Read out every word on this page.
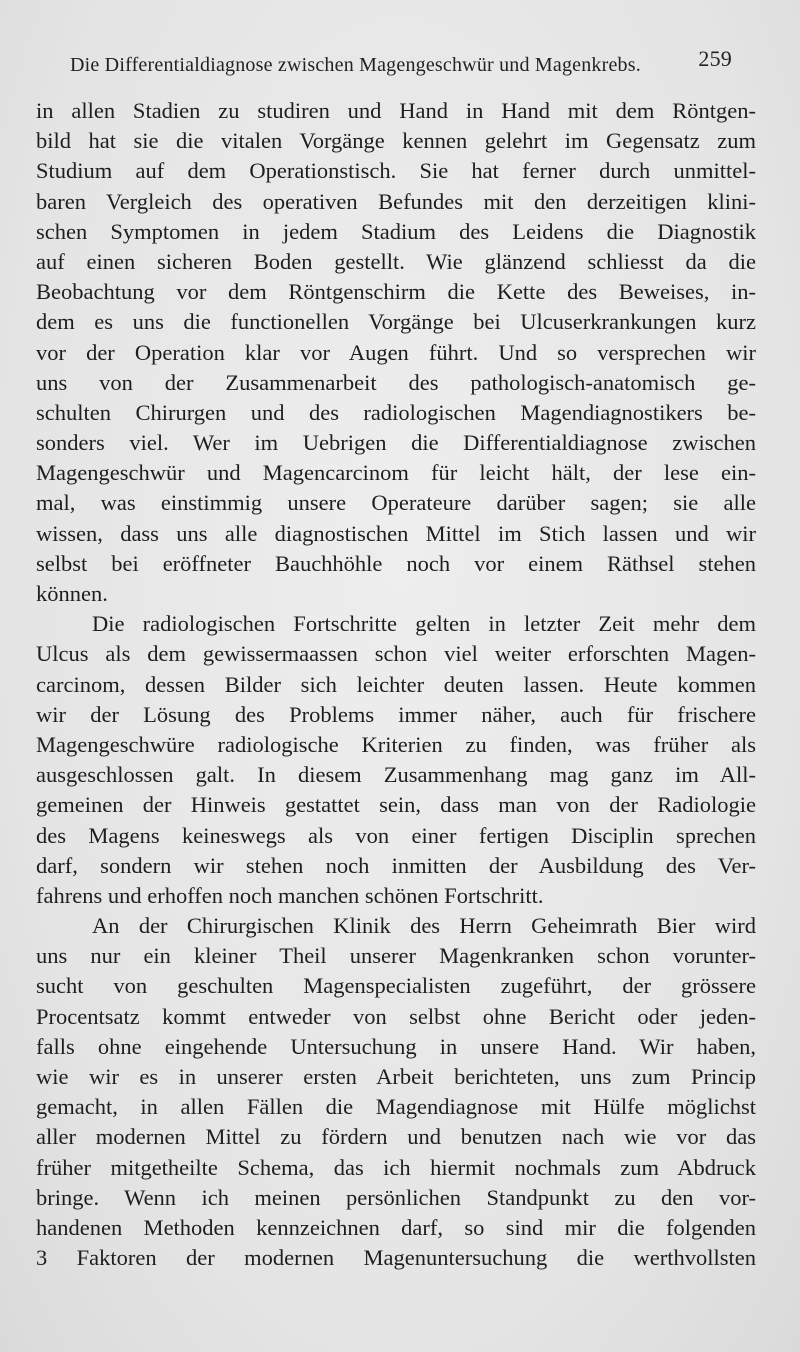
Die Differentialdiagnose zwischen Magengeschwür und Magenkrebs.	259
in allen Stadien zu studiren und Hand in Hand mit dem Röntgen-
bild hat sie die vitalen Vorgänge kennen gelehrt im Gegensatz zum
Studium auf dem Operationstisch. Sie hat ferner durch unmittel-
baren Vergleich des operativen Befundes mit den derzeitigen klini-
schen Symptomen in jedem Stadium des Leidens die Diagnostik
auf einen sicheren Boden gestellt. Wie glänzend schliesst da die
Beobachtung vor dem Röntgenschirm die Kette des Beweises, in-
dem es uns die functionellen Vorgänge bei Ulcuserkrankungen kurz
vor der Operation klar vor Augen führt. Und so versprechen wir
uns von der Zusammenarbeit des pathologisch-anatomisch ge-
schulten Chirurgen und des radiologischen Magendiagnostikers be-
sonders viel. Wer im Uebrigen die Differentialdiagnose zwischen
Magengeschwür und Magencarcinom für leicht hält, der lese ein-
mal, was einstimmig unsere Operateure darüber sagen; sie alle
wissen, dass uns alle diagnostischen Mittel im Stich lassen und wir
selbst bei eröffneter Bauchhöhle noch vor einem Räthsel stehen
können.
Die radiologischen Fortschritte gelten in letzter Zeit mehr dem
Ulcus als dem gewissermaassen schon viel weiter erforschten Magen-
carcinom, dessen Bilder sich leichter deuten lassen. Heute kommen
wir der Lösung des Problems immer näher, auch für frischere
Magengeschwüre radiologische Kriterien zu finden, was früher als
ausgeschlossen galt. In diesem Zusammenhang mag ganz im All-
gemeinen der Hinweis gestattet sein, dass man von der Radiologie
des Magens keineswegs als von einer fertigen Disciplin sprechen
darf, sondern wir stehen noch inmitten der Ausbildung des Ver-
fahrens und erhoffen noch manchen schönen Fortschritt.
An der Chirurgischen Klinik des Herrn Geheimrath Bier wird
uns nur ein kleiner Theil unserer Magenkranken schon vorunter-
sucht von geschulten Magenspecialisten zugeführt, der grössere
Procentsatz kommt entweder von selbst ohne Bericht oder jeden-
falls ohne eingehende Untersuchung in unsere Hand. Wir haben,
wie wir es in unserer ersten Arbeit berichteten, uns zum Princip
gemacht, in allen Fällen die Magendiagnose mit Hülfe möglichst
aller modernen Mittel zu fördern und benutzen nach wie vor das
früher mitgetheilte Schema, das ich hiermit nochmals zum Abdruck
bringe. Wenn ich meinen persönlichen Standpunkt zu den vor-
handenen Methoden kennzeichnen darf, so sind mir die folgenden
3 Faktoren der modernen Magenuntersuchung die werthvollsten
